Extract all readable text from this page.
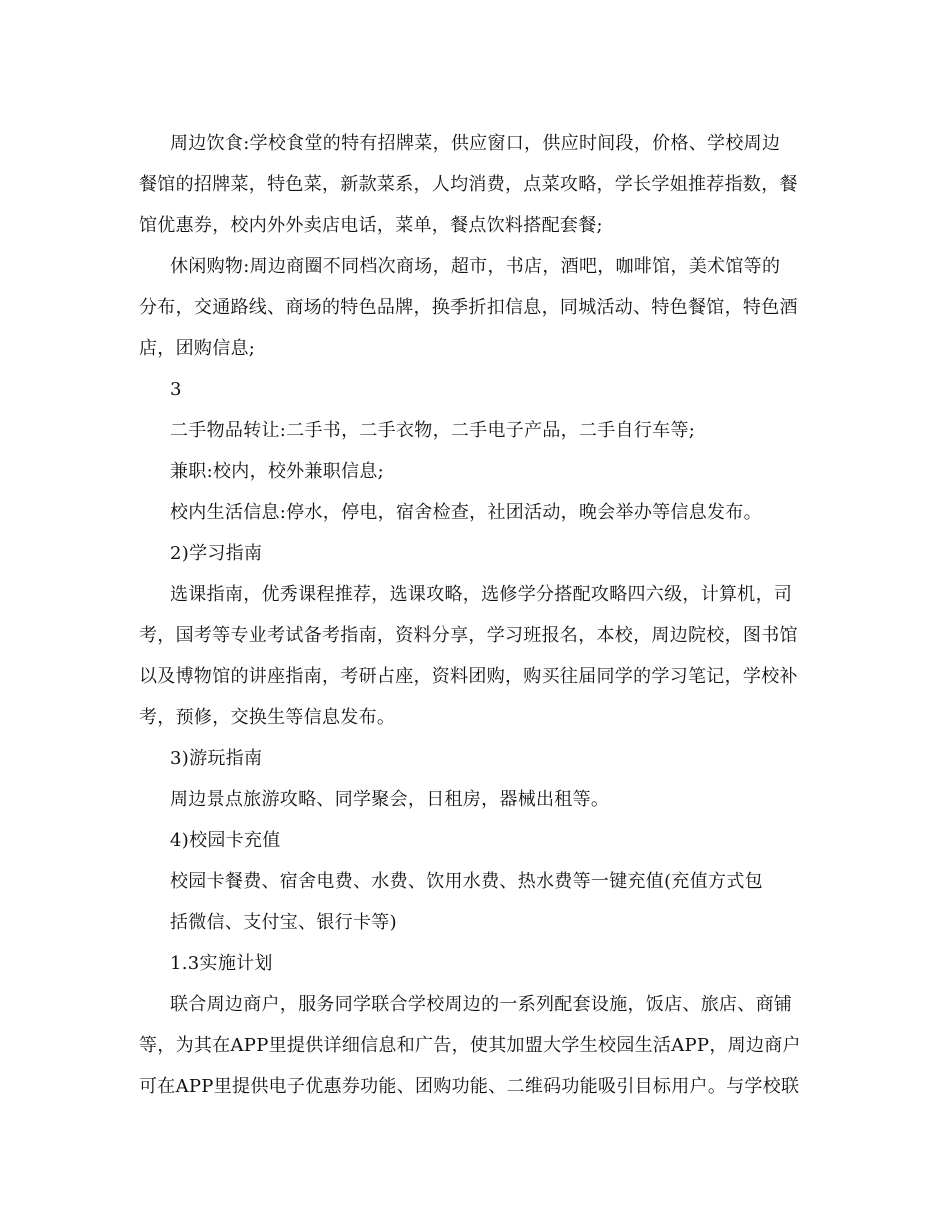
周边饮食:学校食堂的特有招牌菜，供应窗口，供应时间段，价格、学校周边
餐馆的招牌菜，特色菜，新款菜系，人均消费，点菜攻略，学长学姐推荐指数，餐
馆优惠券，校内外外卖店电话，菜单，餐点饮料搭配套餐;
休闲购物:周边商圈不同档次商场，超市，书店，酒吧，咖啡馆，美术馆等的
分布，交通路线、商场的特色品牌，换季折扣信息，同城活动、特色餐馆，特色酒
店，团购信息;
3
二手物品转让:二手书，二手衣物，二手电子产品，二手自行车等;
兼职:校内，校外兼职信息;
校内生活信息:停水，停电，宿舍检查，社团活动，晚会举办等信息发布。
2)学习指南
选课指南，优秀课程推荐，选课攻略，选修学分搭配攻略四六级，计算机，司
考，国考等专业考试备考指南，资料分享，学习班报名，本校，周边院校，图书馆
以及博物馆的讲座指南，考研占座，资料团购，购买往届同学的学习笔记，学校补
考，预修，交换生等信息发布。
3)游玩指南
周边景点旅游攻略、同学聚会，日租房，器械出租等。
4)校园卡充值
校园卡餐费、宿舍电费、水费、饮用水费、热水费等一键充值(充值方式包
括微信、支付宝、银行卡等)
1.3实施计划
联合周边商户，服务同学联合学校周边的一系列配套设施，饭店、旅店、商铺
等，为其在APP里提供详细信息和广告，使其加盟大学生校园生活APP，周边商户
可在APP里提供电子优惠券功能、团购功能、二维码功能吸引目标用户。与学校联
